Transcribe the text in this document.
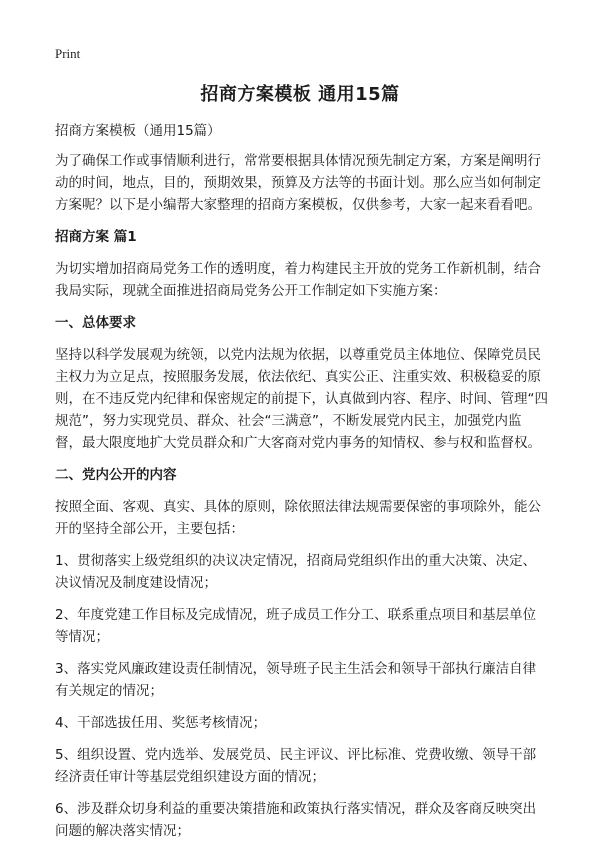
Print
招商方案模板 通用15篇

招商方案模板（通用15篇）

为了确保工作或事情顺利进行，常常要根据具体情况预先制定方案，方案是阐明行动的时间，地点，目的，预期效果，预算及方法等的书面计划。那么应当如何制定方案呢？以下是小编帮大家整理的招商方案模板，仅供参考，大家一起来看看吧。

招商方案 篇1

为切实增加招商局党务工作的透明度，着力构建民主开放的党务工作新机制，结合我局实际，现就全面推进招商局党务公开工作制定如下实施方案：

一、总体要求

坚持以科学发展观为统领，以党内法规为依据，以尊重党员主体地位、保障党员民主权力为立足点，按照服务发展，依法依纪、真实公正、注重实效、积极稳妥的原则，在不违反党内纪律和保密规定的前提下，认真做到内容、程序、时间、管理“四规范”，努力实现党员、群众、社会“三满意”，不断发展党内民主，加强党内监督，最大限度地扩大党员群众和广大客商对党内事务的知情权、参与权和监督权。

二、党内公开的内容

按照全面、客观、真实、具体的原则，除依照法律法规需要保密的事项除外，能公开的坚持全部公开，主要包括：

1、贯彻落实上级党组织的决议决定情况，招商局党组织作出的重大决策、决定、决议情况及制度建设情况；

2、年度党建工作目标及完成情况，班子成员工作分工、联系重点项目和基层单位等情况；

3、落实党风廉政建设责任制情况，领导班子民主生活会和领导干部执行廉洁自律有关规定的情况；

4、干部选拔任用、奖惩考核情况；

5、组织设置、党内选举、发展党员、民主评议、评比标准、党费收缴、领导干部经济责任审计等基层党组织建设方面的情况；

6、涉及群众切身利益的重要决策措施和政策执行落实情况，群众及客商反映突出问题的解决落实情况；
